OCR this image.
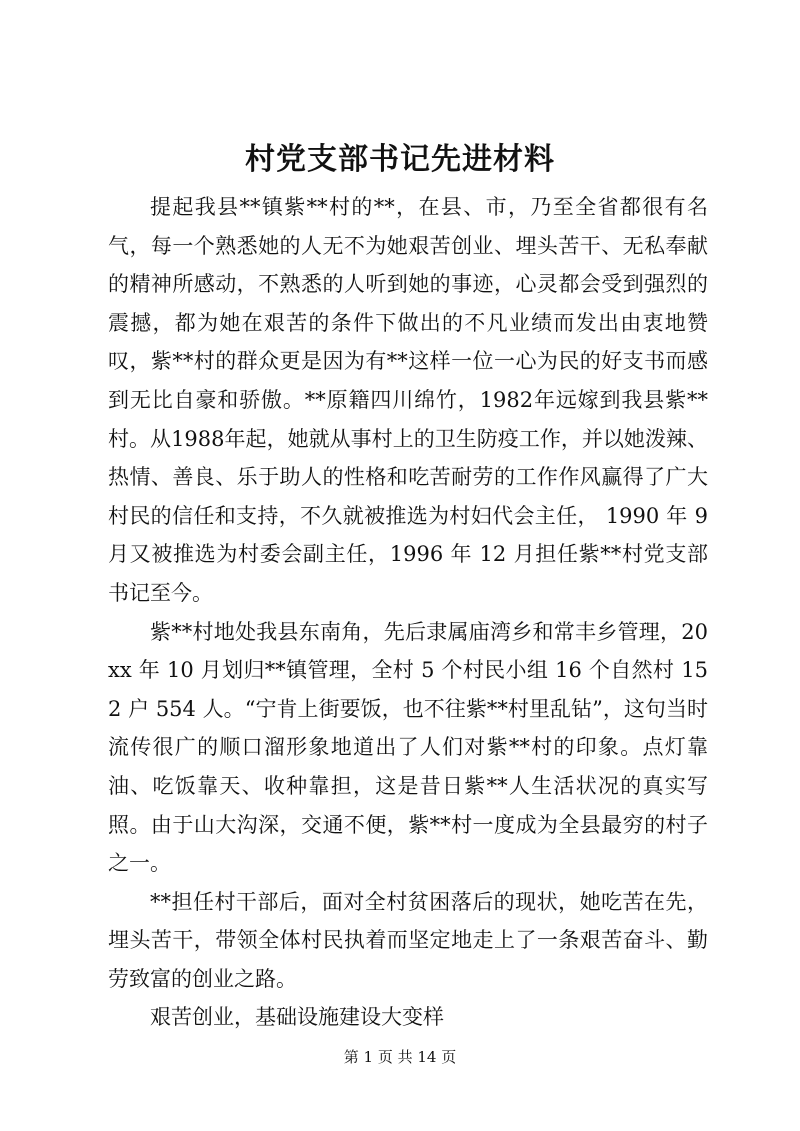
村党支部书记先进材料

提起我县**镇紫**村的**，在县、市，乃至全省都很有名气，每一个熟悉她的人无不为她艰苦创业、埋头苦干、无私奉献的精神所感动，不熟悉的人听到她的事迹，心灵都会受到强烈的震撼，都为她在艰苦的条件下做出的不凡业绩而发出由衷地赞叹，紫**村的群众更是因为有**这样一位一心为民的好支书而感到无比自豪和骄傲。**原籍四川绵竹，1982年远嫁到我县紫**村。从1988年起，她就从事村上的卫生防疫工作，并以她泼辣、热情、善良、乐于助人的性格和吃苦耐劳的工作作风赢得了广大村民的信任和支持，不久就被推选为村妇代会主任， 1990 年 9 月又被推选为村委会副主任，1996 年 12 月担任紫**村党支部书记至今。

紫**村地处我县东南角，先后隶属庙湾乡和常丰乡管理，20xx 年 10 月划归**镇管理，全村 5 个村民小组 16 个自然村 152 户 554 人。“宁肯上街要饭，也不往紫**村里乱钻”，这句当时流传很广的顺口溜形象地道出了人们对紫**村的印象。点灯靠油、吃饭靠天、收种靠担，这是昔日紫**人生活状况的真实写照。由于山大沟深，交通不便，紫**村一度成为全县最穷的村子之一。

**担任村干部后，面对全村贫困落后的现状，她吃苦在先，埋头苦干，带领全体村民执着而坚定地走上了一条艰苦奋斗、勤劳致富的创业之路。

艰苦创业，基础设施建设大变样

第 1 页 共 14 页
